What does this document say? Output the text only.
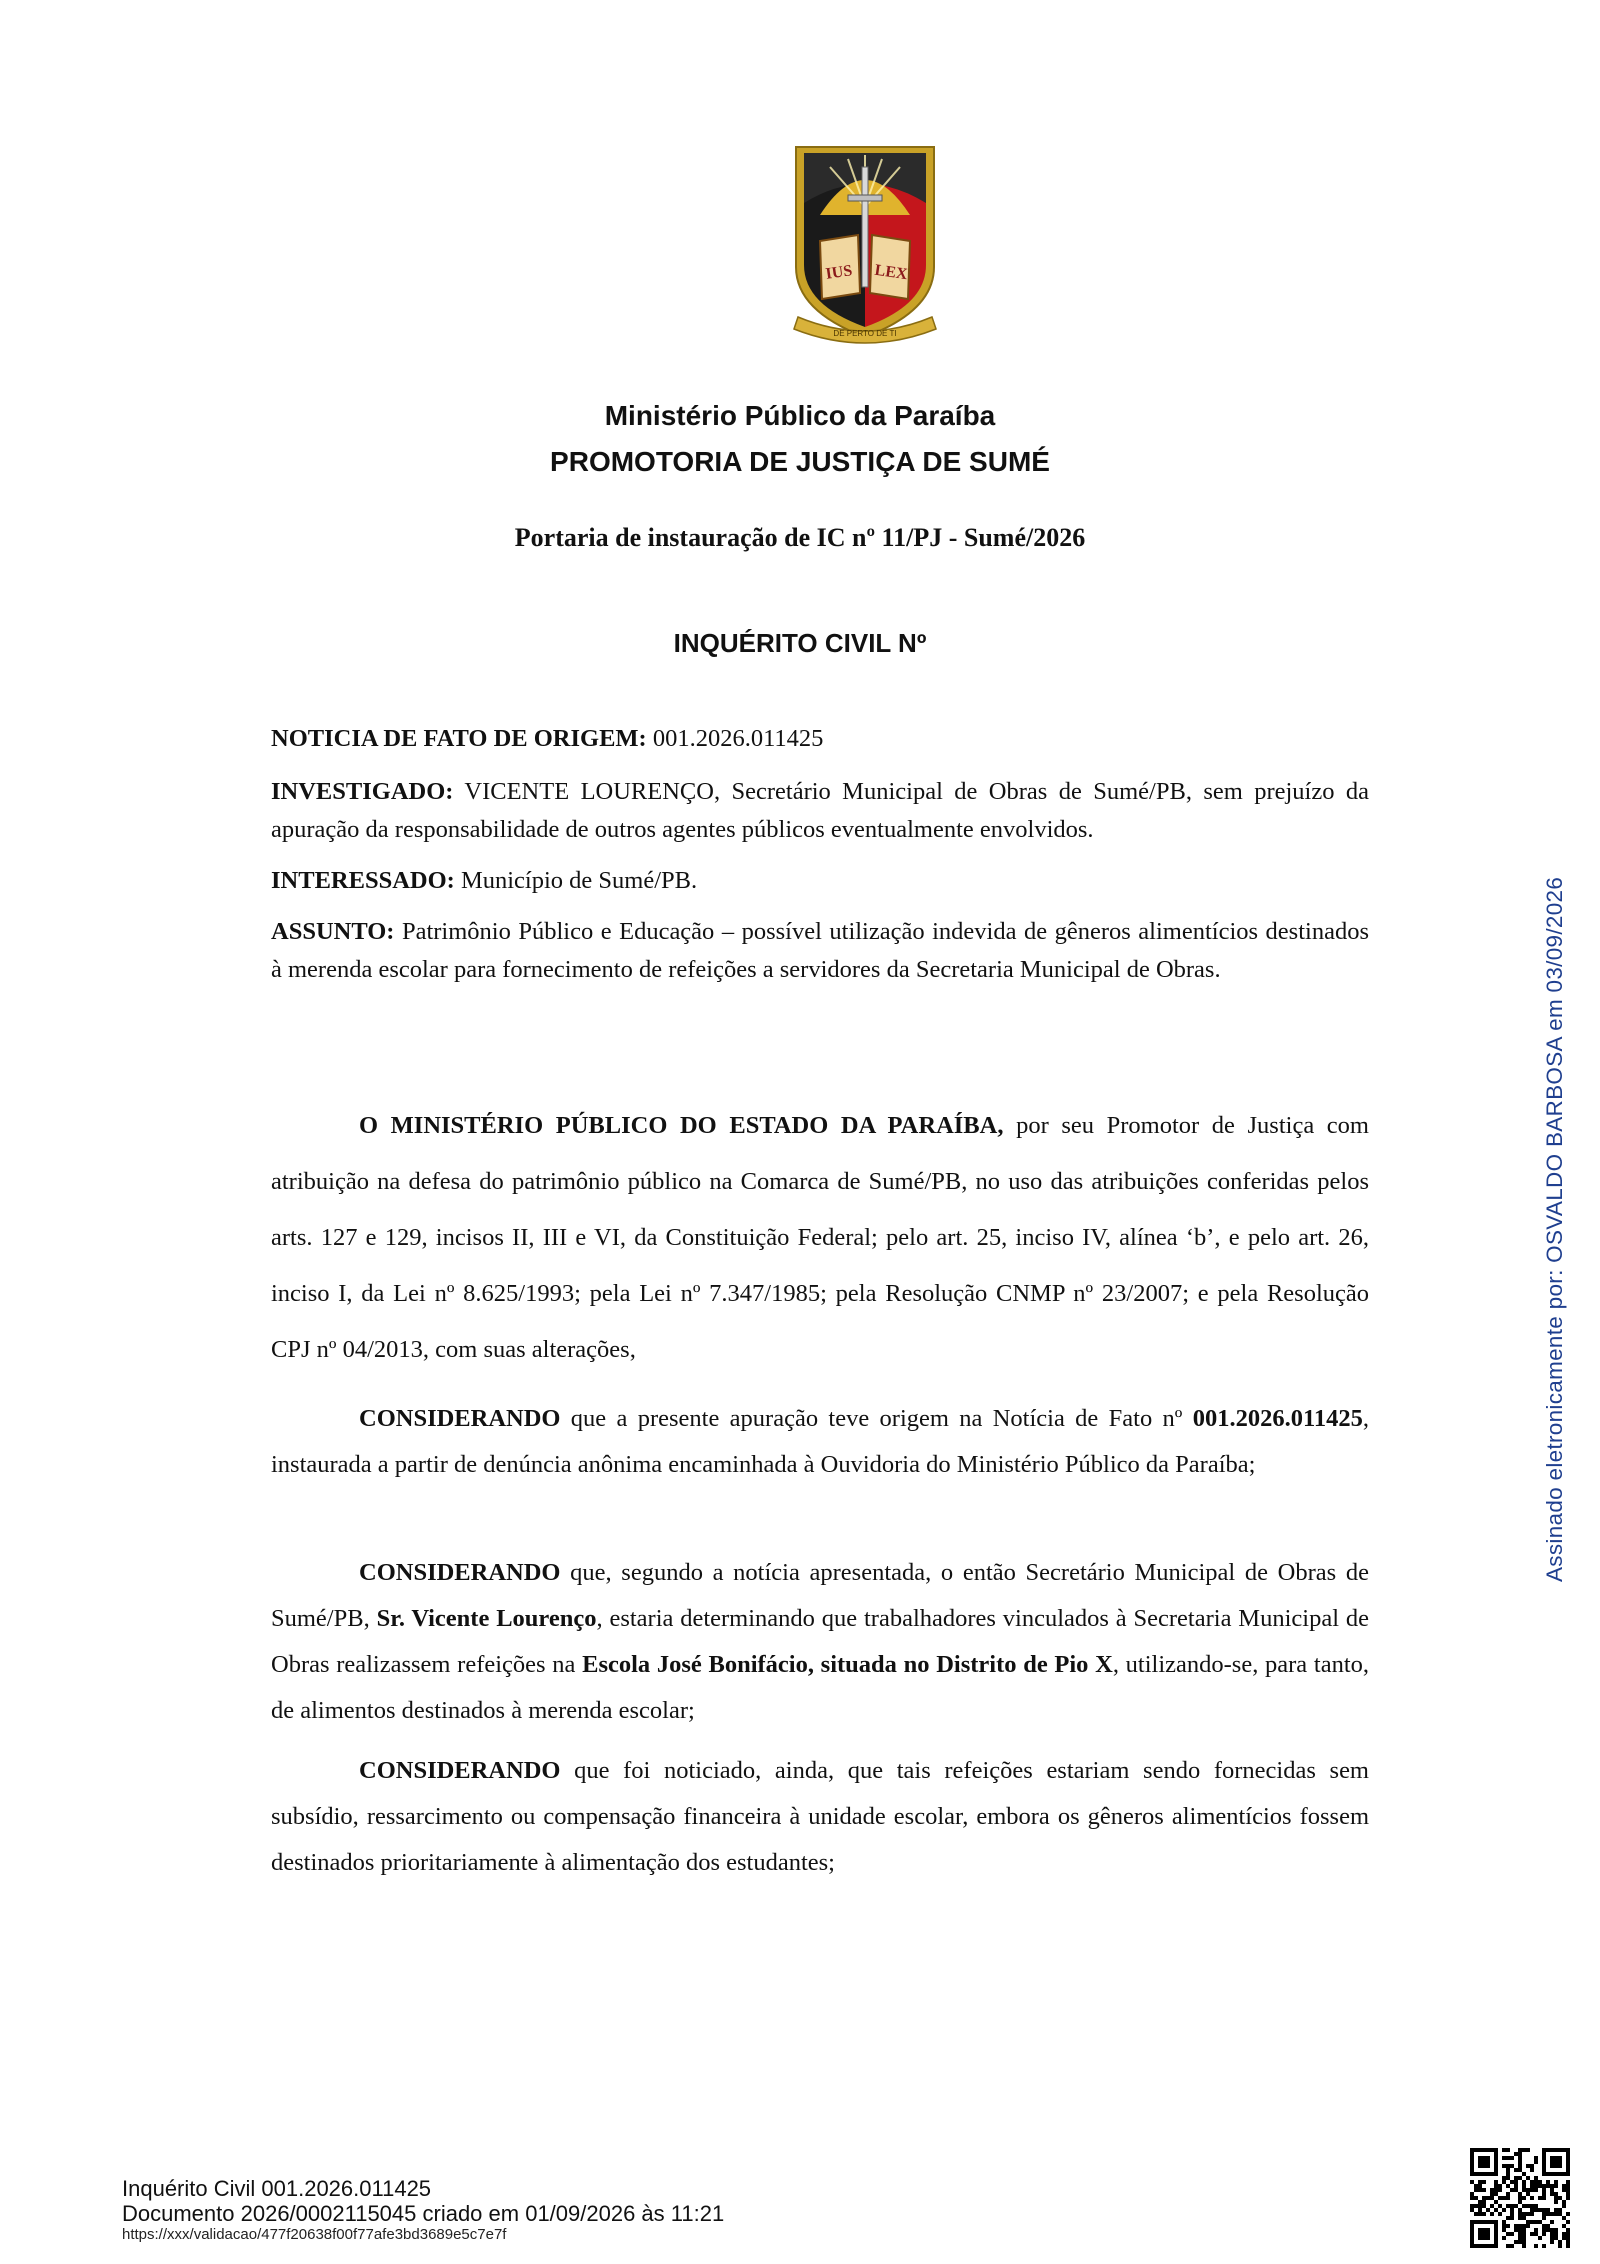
IUS LEX
DE PERTO DE TI
Ministério Público da Paraíba
PROMOTORIA DE JUSTIÇA DE SUMÉ
Portaria de instauração de IC nº 11/PJ - Sumé/2026
INQUÉRITO CIVIL Nº
NOTICIA DE FATO DE ORIGEM: 001.2026.011425
INVESTIGADO: VICENTE LOURENÇO, Secretário Municipal de Obras de Sumé/PB, sem prejuízo da apuração da responsabilidade de outros agentes públicos eventualmente envolvidos.
INTERESSADO: Município de Sumé/PB.
ASSUNTO: Patrimônio Público e Educação – possível utilização indevida de gêneros alimentícios destinados à merenda escolar para fornecimento de refeições a servidores da Secretaria Municipal de Obras.
O MINISTÉRIO PÚBLICO DO ESTADO DA PARAÍBA, por seu Promotor de Justiça com atribuição na defesa do patrimônio público na Comarca de Sumé/PB, no uso das atribuições conferidas pelos arts. 127 e 129, incisos II, III e VI, da Constituição Federal; pelo art. 25, inciso IV, alínea ‘b’, e pelo art. 26, inciso I, da Lei nº 8.625/1993; pela Lei nº 7.347/1985; pela Resolução CNMP nº 23/2007; e pela Resolução CPJ nº 04/2013, com suas alterações,
CONSIDERANDO que a presente apuração teve origem na Notícia de Fato nº 001.2026.011425, instaurada a partir de denúncia anônima encaminhada à Ouvidoria do Ministério Público da Paraíba;
CONSIDERANDO que, segundo a notícia apresentada, o então Secretário Municipal de Obras de Sumé/PB, Sr. Vicente Lourenço, estaria determinando que trabalhadores vinculados à Secretaria Municipal de Obras realizassem refeições na Escola José Bonifácio, situada no Distrito de Pio X, utilizando-se, para tanto, de alimentos destinados à merenda escolar;
CONSIDERANDO que foi noticiado, ainda, que tais refeições estariam sendo fornecidas sem subsídio, ressarcimento ou compensação financeira à unidade escolar, embora os gêneros alimentícios fossem destinados prioritariamente à alimentação dos estudantes;
Assinado eletronicamente por: OSVALDO BARBOSA em 03/09/2026
Inquérito Civil 001.2026.011425
Documento 2026/0002115045 criado em 01/09/2026 às 11:21
https://xxx/validacao/477f20638f00f77afe3bd3689e5c7e7f
